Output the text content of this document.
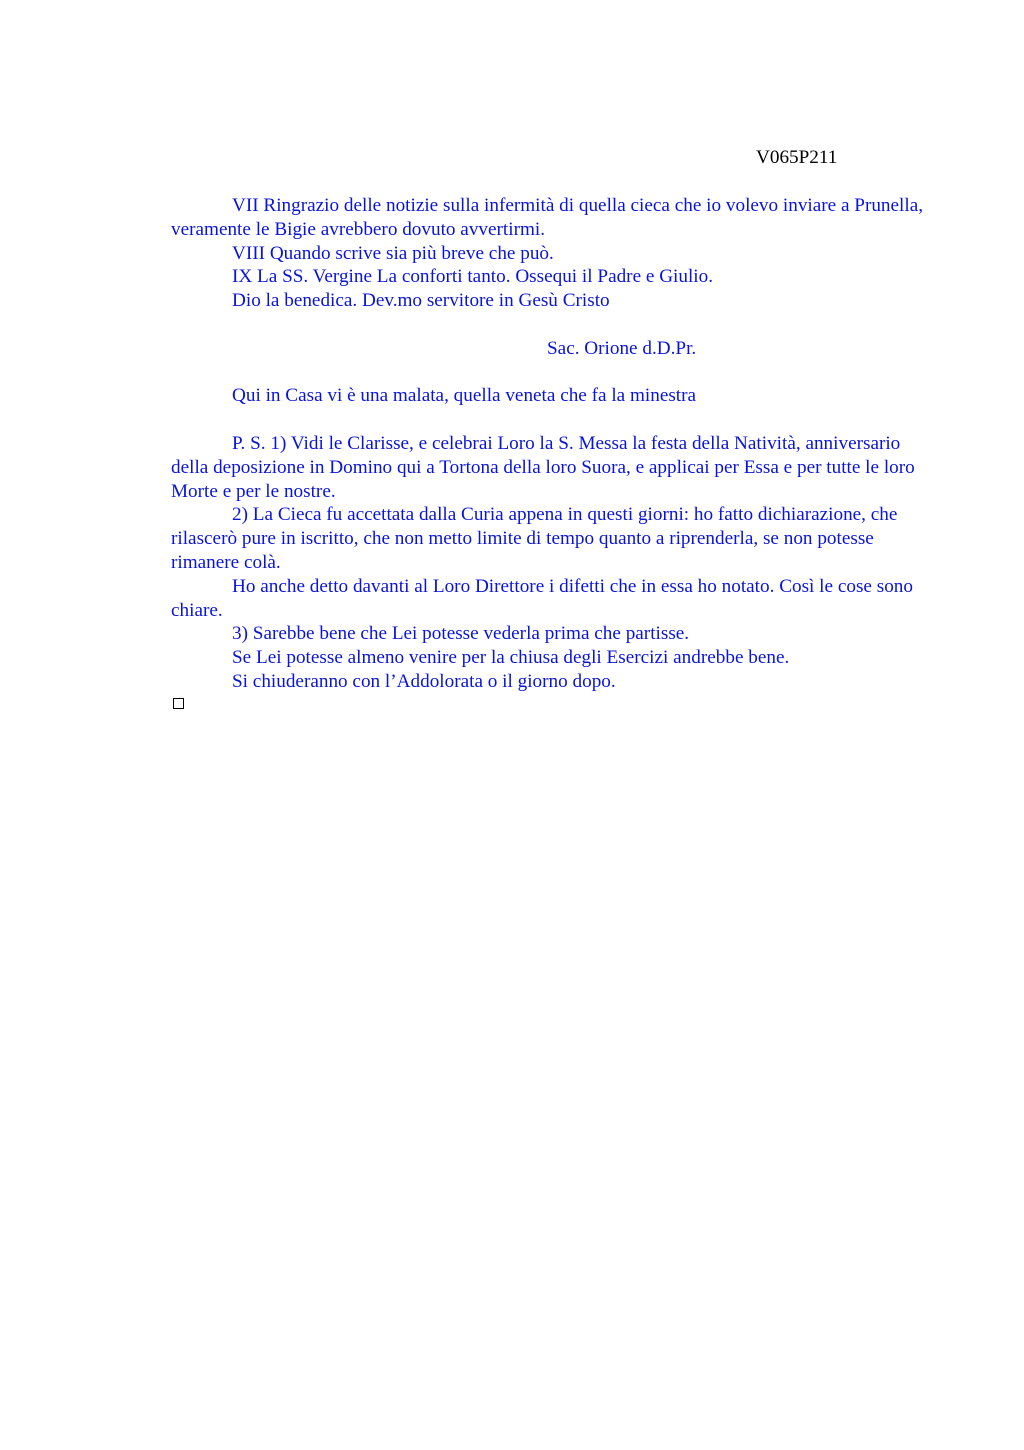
V065P211

VII Ringrazio delle notizie sulla infermità di quella cieca che io volevo inviare a Prunella, veramente le Bigie avrebbero dovuto avvertirmi.

VIII Quando scrive sia più breve che può.

IX La SS. Vergine La conforti tanto. Ossequi il Padre e Giulio.

Dio la benedica. Dev.mo servitore in Gesù Cristo

Sac. Orione d.D.Pr.

Qui in Casa vi è una malata, quella veneta che fa la minestra

P. S. 1) Vidi le Clarisse, e celebrai Loro la S. Messa la festa della Natività, anniversario della deposizione in Domino qui a Tortona della loro Suora, e applicai per Essa e per tutte le loro Morte e per le nostre.

2) La Cieca fu accettata dalla Curia appena in questi giorni: ho fatto dichiarazione, che rilascerò pure in iscritto, che non metto limite di tempo quanto a riprenderla, se non potesse rimanere colà.

Ho anche detto davanti al Loro Direttore i difetti che in essa ho notato. Così le cose sono chiare.

3) Sarebbe bene che Lei potesse vederla prima che partisse.

Se Lei potesse almeno venire per la chiusa degli Esercizi andrebbe bene.

Si chiuderanno con l’Addolorata o il giorno dopo.
